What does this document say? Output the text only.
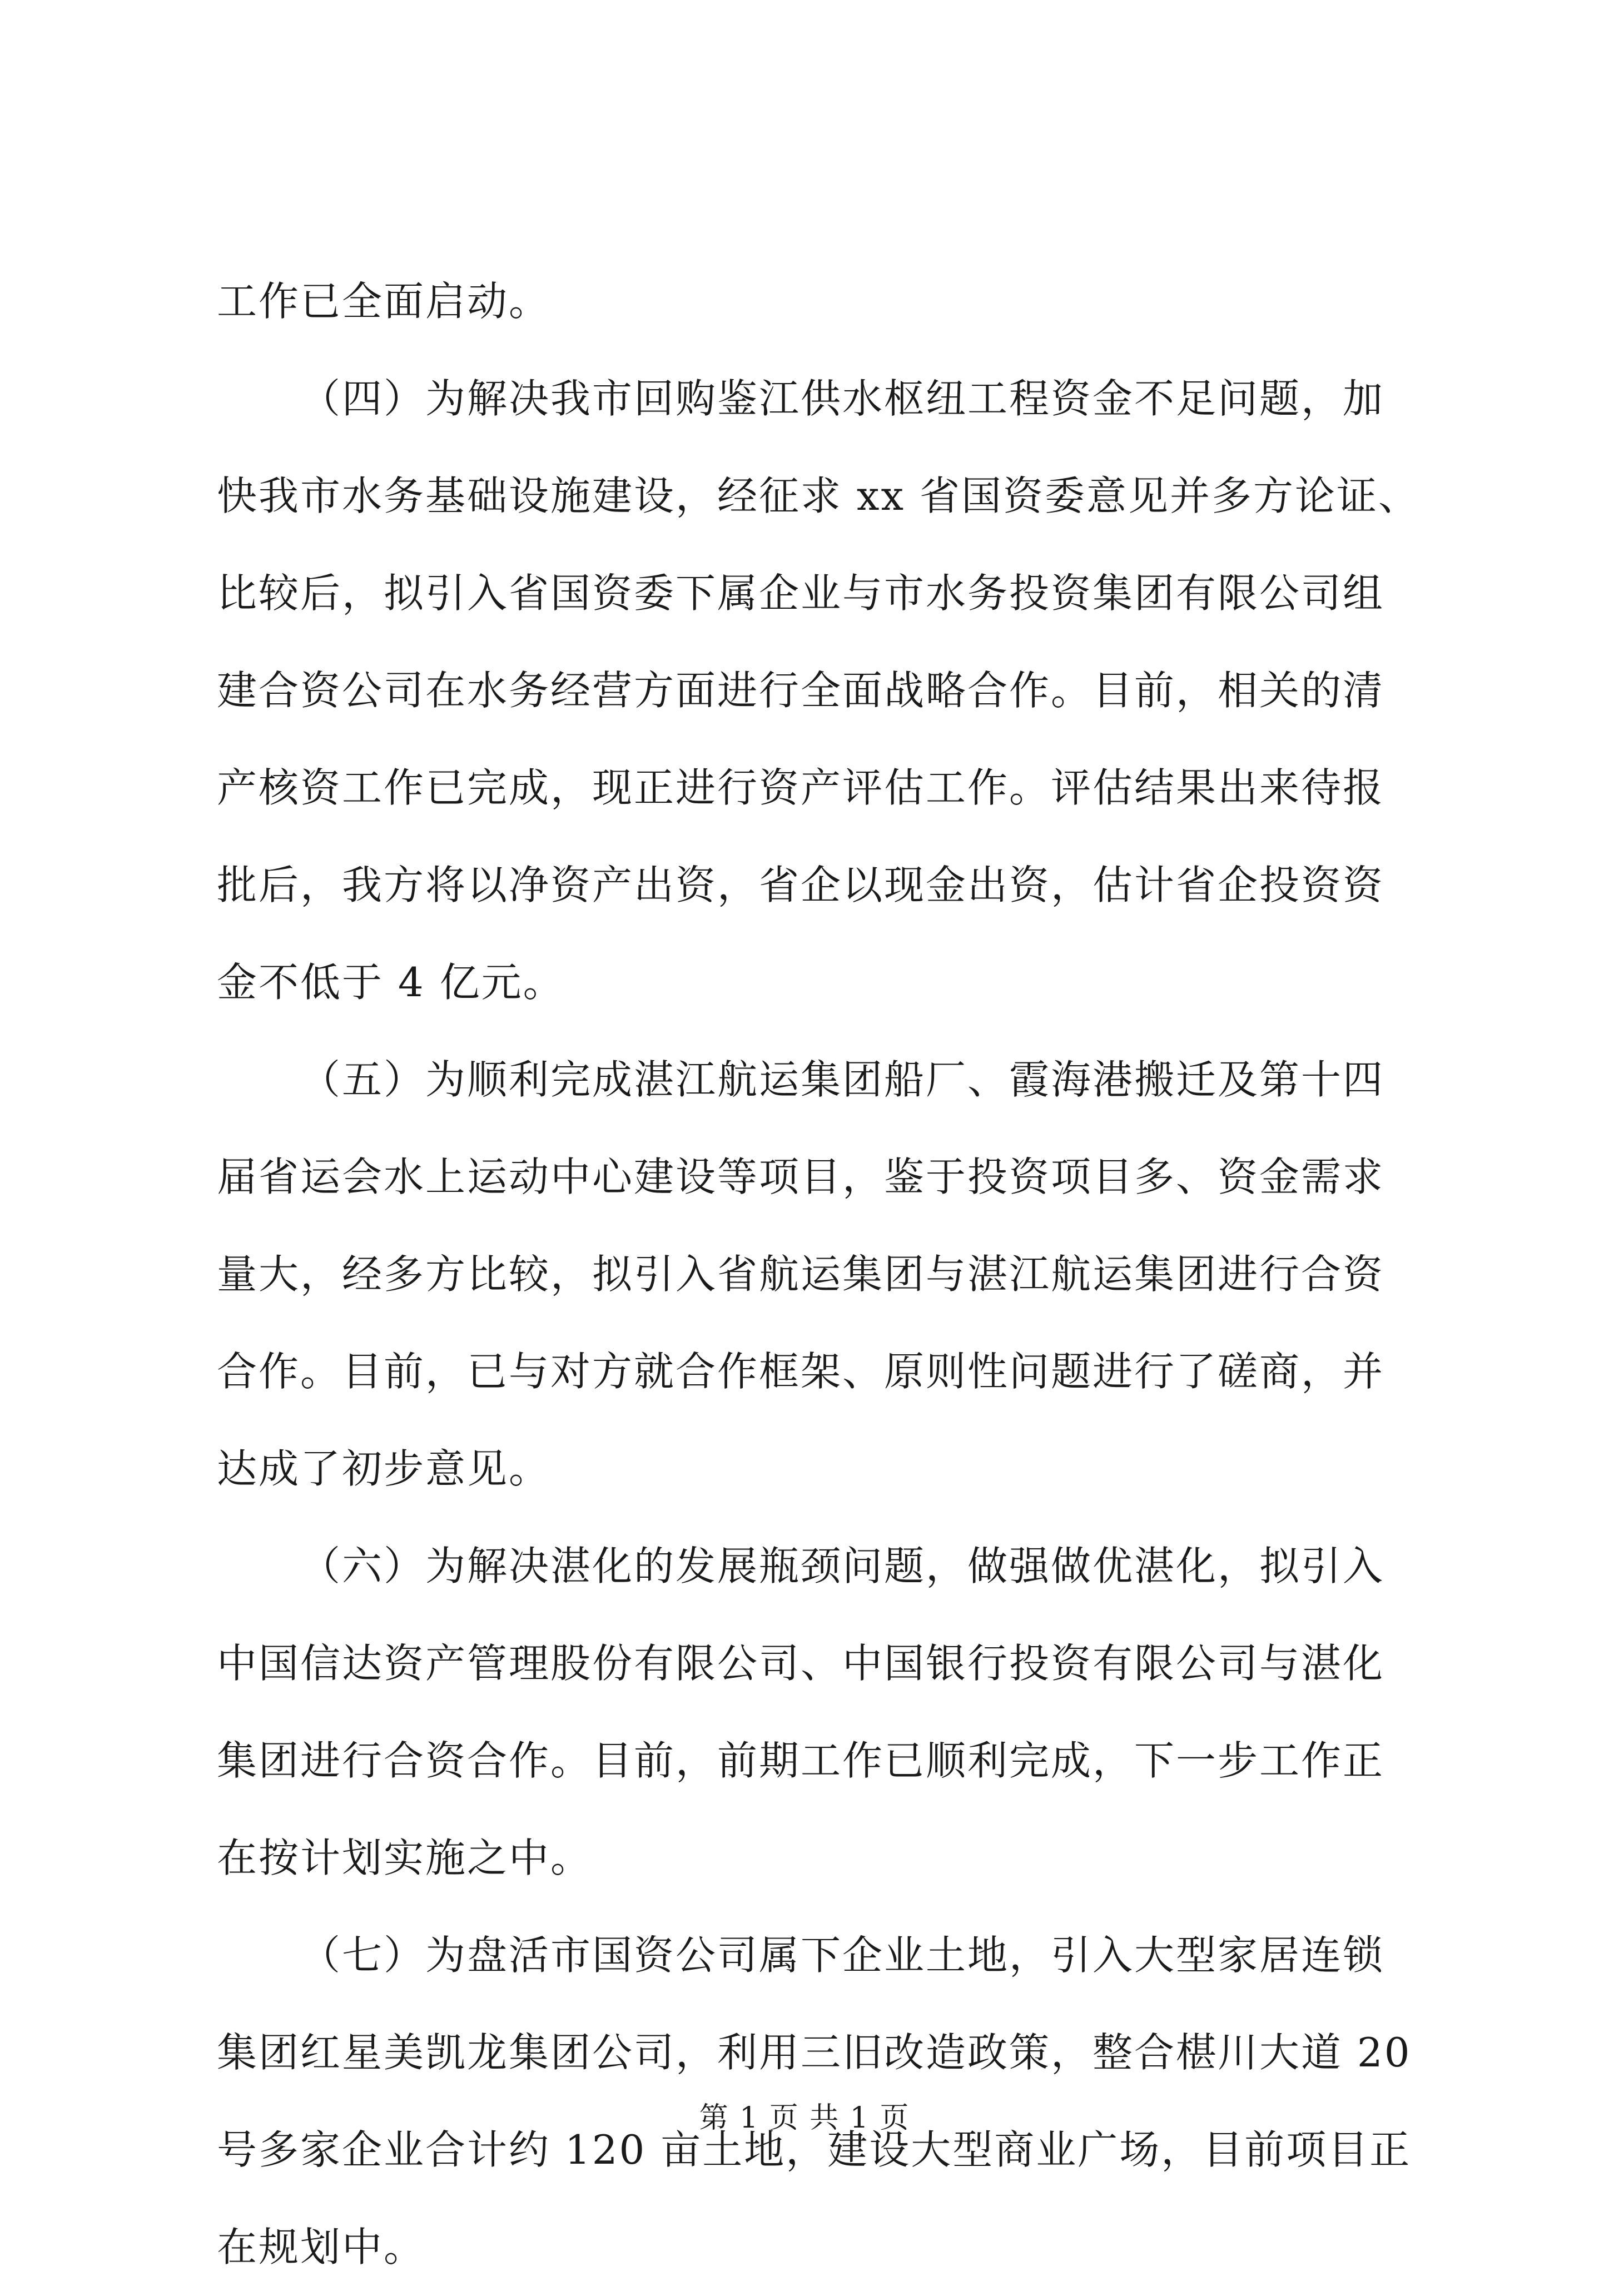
工作已全面启动。
（四）为解决我市回购鉴江供水枢纽工程资金不足问题，加
快我市水务基础设施建设，经征求 xx 省国资委意见并多方论证、
比较后，拟引入省国资委下属企业与市水务投资集团有限公司组
建合资公司在水务经营方面进行全面战略合作。目前，相关的清
产核资工作已完成，现正进行资产评估工作。评估结果出来待报
批后，我方将以净资产出资，省企以现金出资，估计省企投资资
金不低于 4 亿元。
（五）为顺利完成湛江航运集团船厂、霞海港搬迁及第十四
届省运会水上运动中心建设等项目，鉴于投资项目多、资金需求
量大，经多方比较，拟引入省航运集团与湛江航运集团进行合资
合作。目前，已与对方就合作框架、原则性问题进行了磋商，并
达成了初步意见。
（六）为解决湛化的发展瓶颈问题，做强做优湛化，拟引入
中国信达资产管理股份有限公司、中国银行投资有限公司与湛化
集团进行合资合作。目前，前期工作已顺利完成，下一步工作正
在按计划实施之中。
（七）为盘活市国资公司属下企业土地，引入大型家居连锁
集团红星美凯龙集团公司，利用三旧改造政策，整合椹川大道 20
号多家企业合计约 120 亩土地，建设大型商业广场，目前项目正
在规划中。
第 1 页 共 1 页
